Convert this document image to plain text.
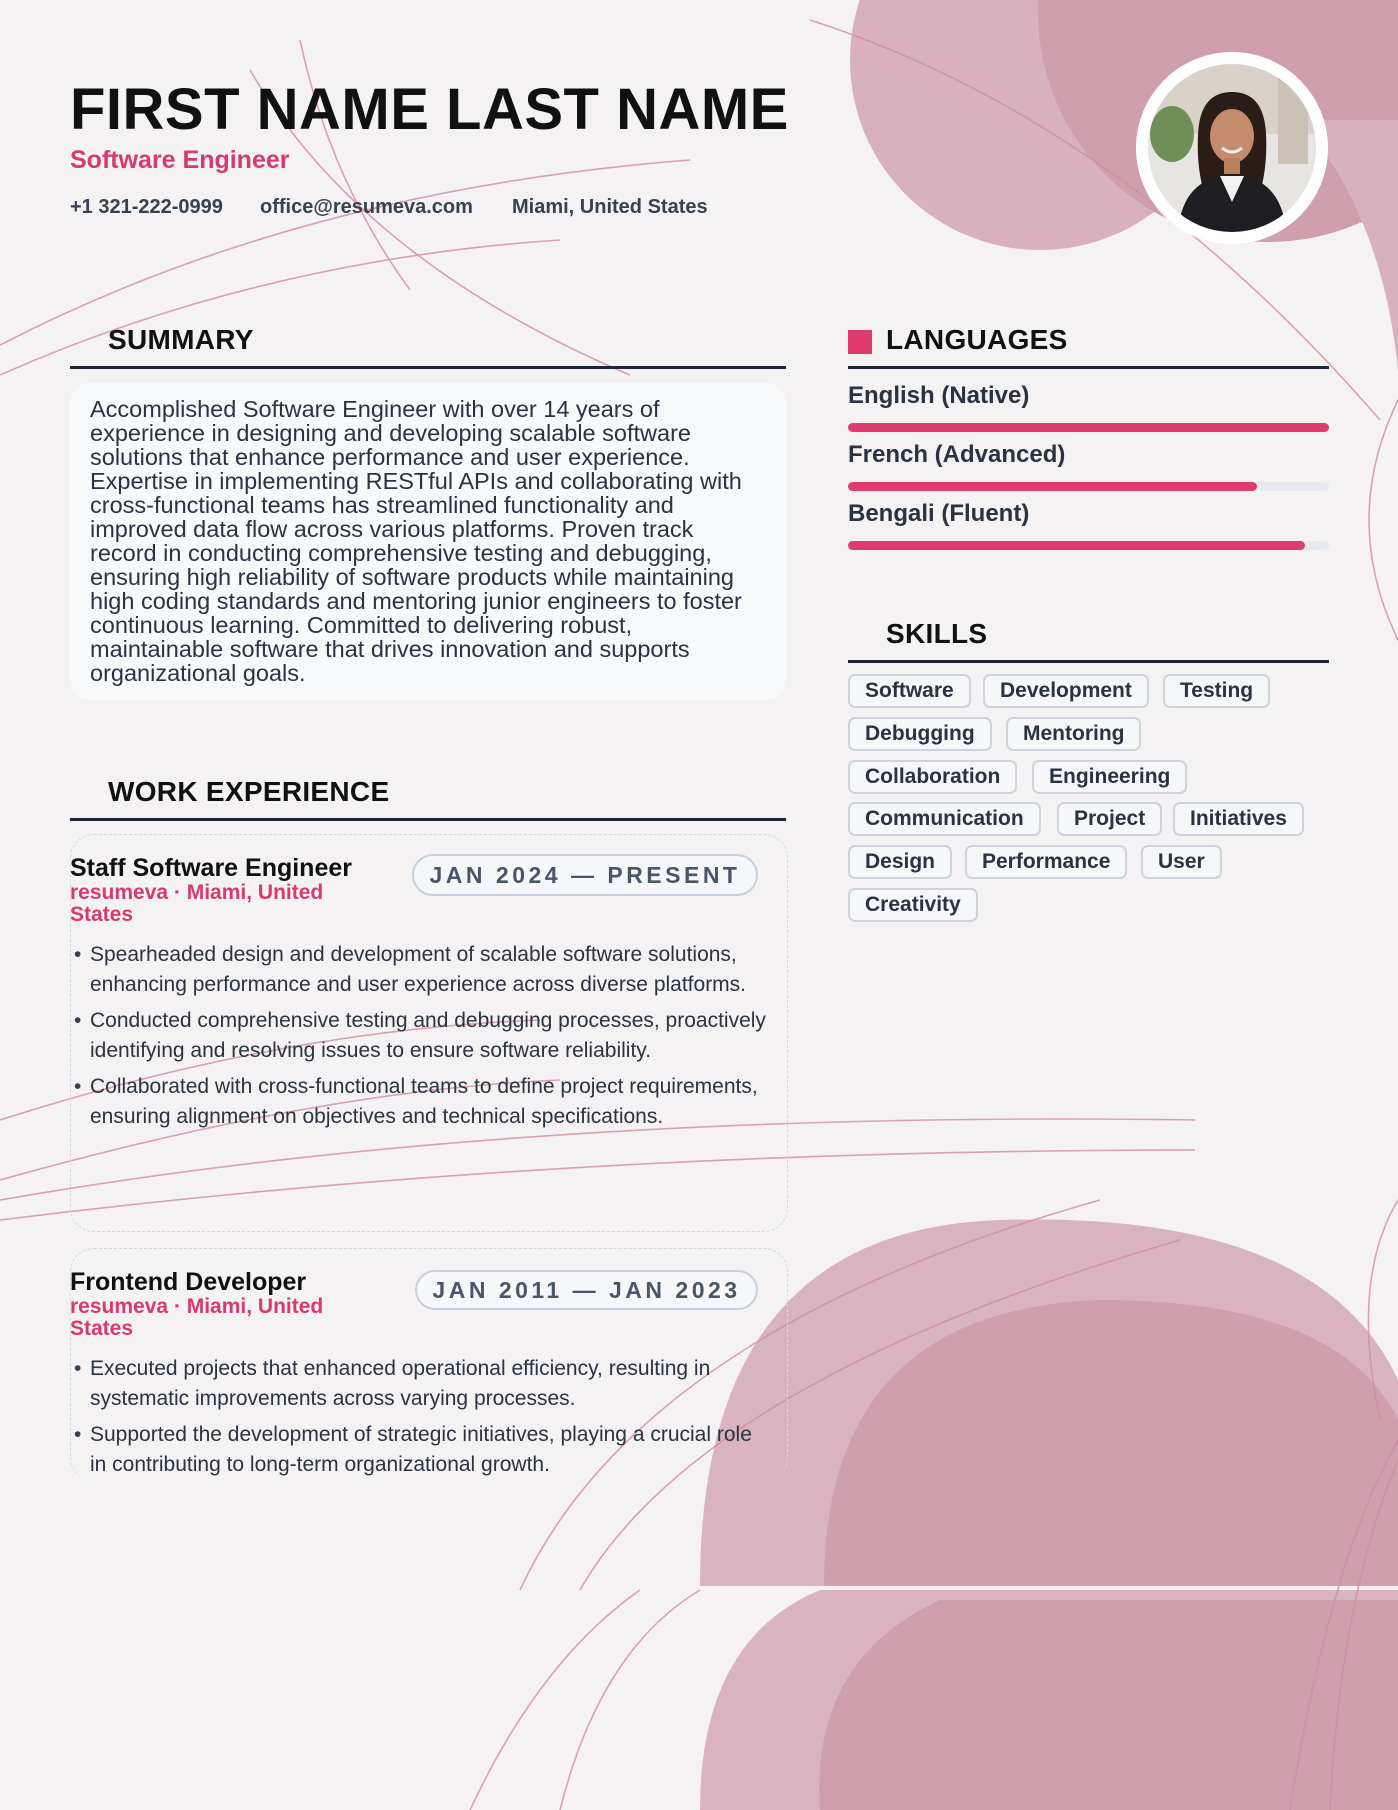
FIRST NAME LAST NAME
Software Engineer
+1 321-222-0999 office@resumeva.com Miami, United States
SUMMARY
Accomplished Software Engineer with over 14 years of experience in designing and developing scalable software solutions that enhance performance and user experience. Expertise in implementing RESTful APIs and collaborating with cross-functional teams has streamlined functionality and improved data flow across various platforms. Proven track record in conducting comprehensive testing and debugging, ensuring high reliability of software products while maintaining high coding standards and mentoring junior engineers to foster continuous learning. Committed to delivering robust, maintainable software that drives innovation and supports organizational goals.
WORK EXPERIENCE
Staff Software Engineer
resumeva · Miami, United States
JAN 2024 — PRESENT
• Spearheaded design and development of scalable software solutions, enhancing performance and user experience across diverse platforms.
• Conducted comprehensive testing and debugging processes, proactively identifying and resolving issues to ensure software reliability.
• Collaborated with cross-functional teams to define project requirements, ensuring alignment on objectives and technical specifications.
Frontend Developer
resumeva · Miami, United States
JAN 2011 — JAN 2023
• Executed projects that enhanced operational efficiency, resulting in systematic improvements across varying processes.
• Supported the development of strategic initiatives, playing a crucial role in contributing to long-term organizational growth.
LANGUAGES
English (Native)
French (Advanced)
Bengali (Fluent)
SKILLS
Software	Development	Testing
Debugging	Mentoring
Collaboration	Engineering
Communication	Project	Initiatives
Design	Performance	User
Creativity
